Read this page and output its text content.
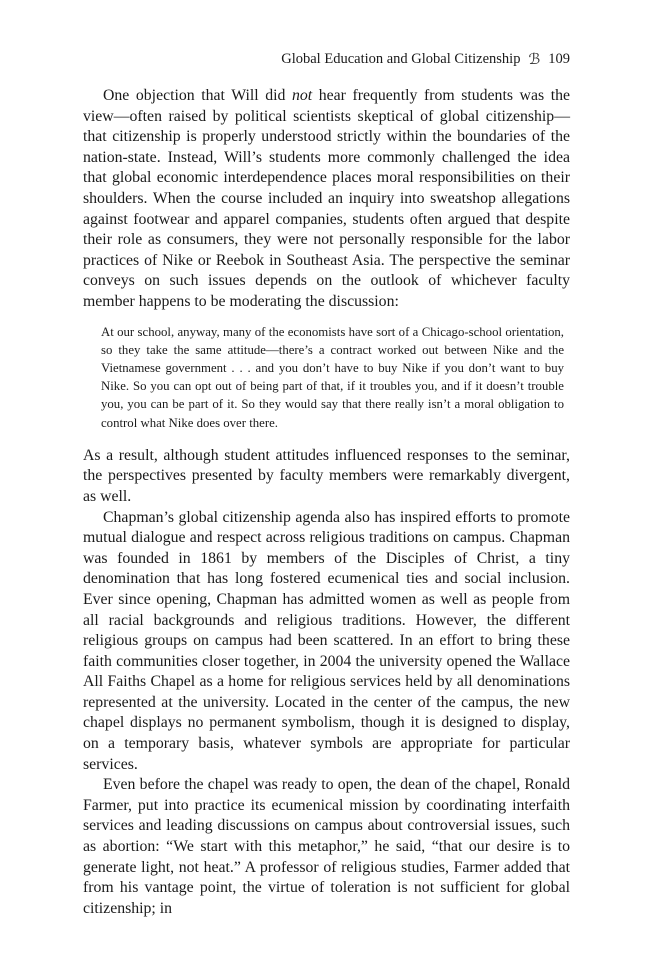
Global Education and Global Citizenship ℬ 109

One objection that Will did not hear frequently from students was the view—often raised by political scientists skeptical of global citizenship—that citizenship is properly understood strictly within the boundaries of the nation-state. Instead, Will’s students more commonly challenged the idea that global economic interdependence places moral responsibilities on their shoulders. When the course included an inquiry into sweatshop allegations against footwear and apparel companies, students often argued that despite their role as consumers, they were not personally responsible for the labor practices of Nike or Reebok in Southeast Asia. The perspective the seminar conveys on such issues depends on the outlook of whichever faculty member happens to be moderating the discussion:

At our school, anyway, many of the economists have sort of a Chicago-school orientation, so they take the same attitude—there’s a contract worked out between Nike and the Vietnamese government . . . and you don’t have to buy Nike if you don’t want to buy Nike. So you can opt out of being part of that, if it troubles you, and if it doesn’t trouble you, you can be part of it. So they would say that there really isn’t a moral obligation to control what Nike does over there.

As a result, although student attitudes influenced responses to the seminar, the perspectives presented by faculty members were remarkably divergent, as well.

Chapman’s global citizenship agenda also has inspired efforts to promote mutual dialogue and respect across religious traditions on campus. Chapman was founded in 1861 by members of the Disciples of Christ, a tiny denomination that has long fostered ecumenical ties and social inclusion. Ever since opening, Chapman has admitted women as well as people from all racial backgrounds and religious traditions. However, the different religious groups on campus had been scattered. In an effort to bring these faith communities closer together, in 2004 the university opened the Wallace All Faiths Chapel as a home for religious services held by all denominations represented at the university. Located in the center of the campus, the new chapel displays no permanent symbolism, though it is designed to display, on a temporary basis, whatever symbols are appropriate for particular services.

Even before the chapel was ready to open, the dean of the chapel, Ronald Farmer, put into practice its ecumenical mission by coordinating interfaith services and leading discussions on campus about controversial issues, such as abortion: “We start with this metaphor,” he said, “that our desire is to generate light, not heat.” A professor of religious studies, Farmer added that from his vantage point, the virtue of toleration is not sufficient for global citizenship; in
